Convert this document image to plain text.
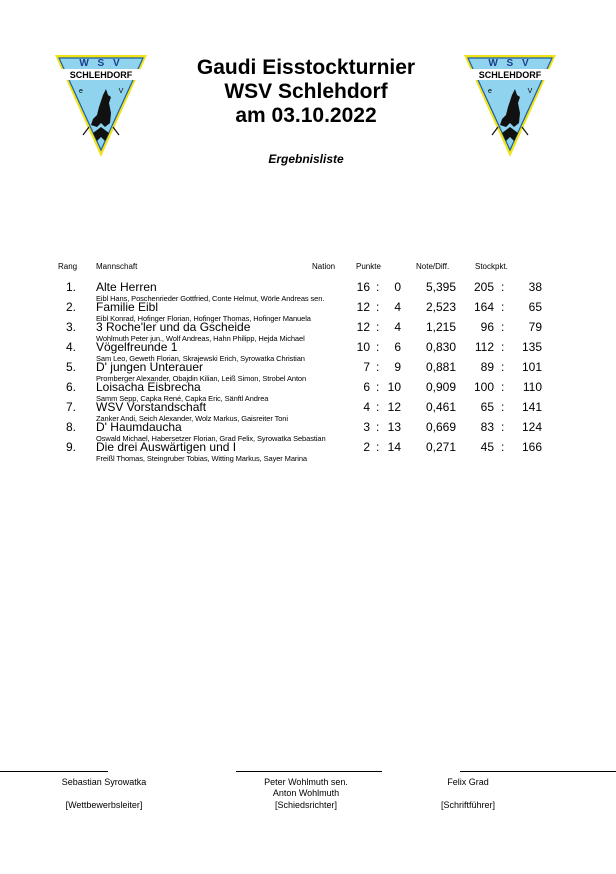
W S V
SCHLEHDORF
e	V
W S V
SCHLEHDORF
e	V
Gaudi Eisstockturnier
WSV Schlehdorf
am 03.10.2022
Ergebnisliste
Rang Mannschaft	Nation	Punkte	Note/Diff.	Stockpkt.
1. Alte Herren	16	0	5,395	205	38
Eibl Hans, Poschenrieder Gottfried, Conte Helmut, Wörle Andreas sen.
:	:
2. Familie Eibl	12	4	2,523	164	65
Eibl Konrad, Hofinger Florian, Hofinger Thomas, Hofinger Manuela
:	:
3. 3 Roche'ler und da Gscheide	12	4	1,215	96	79
Wohlmuth Peter jun., Wolf Andreas, Hahn Philipp, Hejda Michael
:	:
4. Vögelfreunde 1	10	6	0,830	112	135
Sam Leo, Geweth Florian, Skrajewski Erich, Syrowatka Christian
:	:
5. D' jungen Unterauer	7	9	0,881	89	101
Promberger Alexander, Obajdin Kilian, Leiß Simon, Strobel Anton
:	:
6. Loisacha Eisbrecha	6 10	0,909	100	110
Samm Sepp, Capka René, Capka Eric, Sänftl Andrea
:	:
7. WSV Vorstandschaft	4 12	0,461	65	141
Zanker Andi, Seich Alexander, Wolz Markus, Gaisreiter Toni
:	:
8. D' Haumdaucha	3 13	0,669	83	124
Oswald Michael, Habersetzer Florian, Grad Felix, Syrowatka Sebastian
:	:
9. Die drei Auswärtigen und I	2 14	0,271	45	166
Freißl Thomas, Steingruber Tobias, Witting Markus, Sayer Marina
:	:
Sebastian Syrowatka
[Wettbewerbsleiter]
Peter Wohlmuth sen.
Anton Wohlmuth
[Schiedsrichter]
Felix Grad
[Schriftführer]
